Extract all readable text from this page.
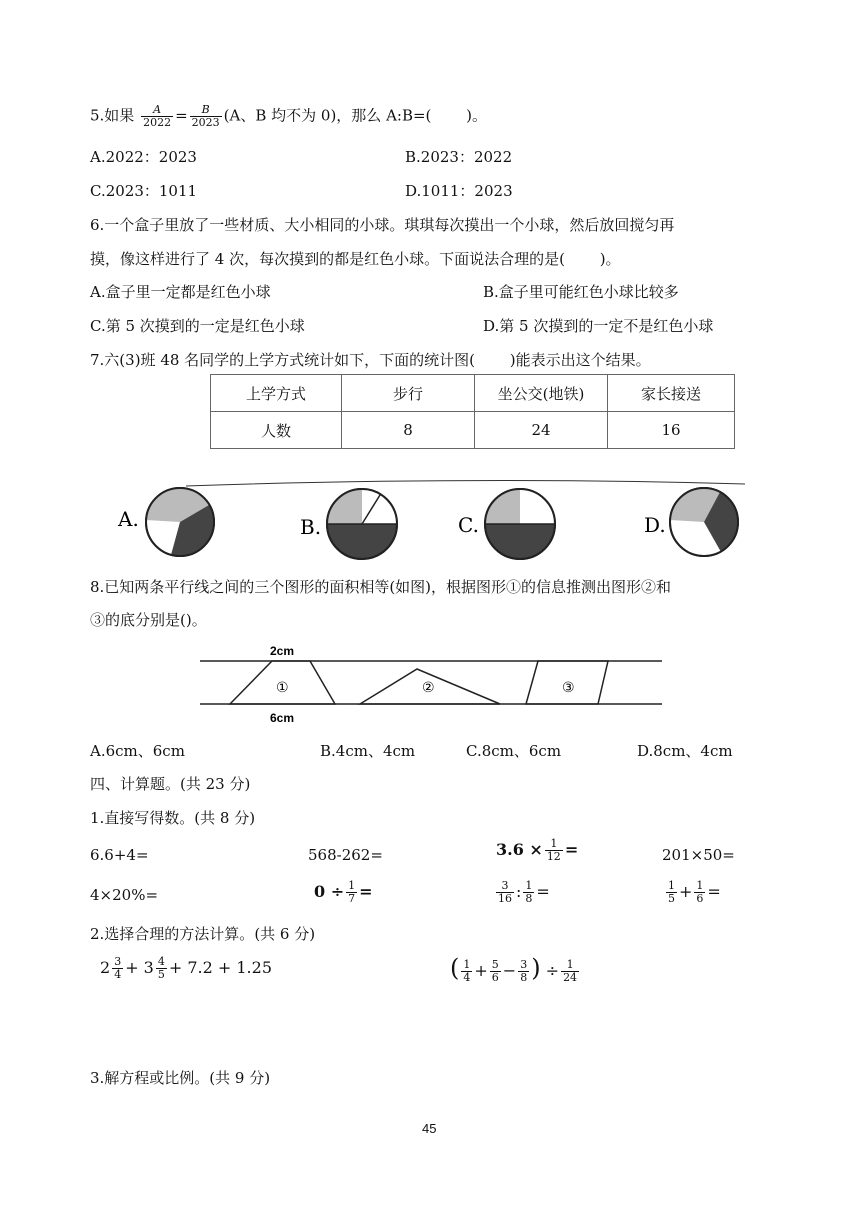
5.如果 $\frac{A}{2022} = \frac{B}{2023} (A$、B 均不为 0)，那么 A:B=(　　 )。
A.2022：2023	B.2023：2022
C.2023：1011	D.1011：2023
6.一个盒子里放了一些材质、大小相同的小球。琪琪每次摸出一个小球，然后放回搅匀再
摸，像这样进行了 4 次，每次摸到的都是红色小球。下面说法合理的是(　　 )。
A.盒子里一定都是红色小球	B.盒子里可能红色小球比较多
C.第 5 次摸到的一定是红色小球	D.第 5 次摸到的一定不是红色小球
7.六(3)班 48 名同学的上学方式统计如下，下面的统计图(　　 )能表示出这个结果。
上学方式	步行	坐公交(地铁)	家长接送
人数	8	24	16
A.	B.	C.	D.
8.已知两条平行线之间的三个图形的面积相等(如图)，根据图形①的信息推测出图形②和
③的底分别是()。
2cm
6cm
①	②	③
A.6cm、6cm	B.4cm、4cm	C.8cm、6cm	D.8cm、4cm
四、计算题。(共 23 分)
1.直接写得数。(共 8 分)
6.6+4=	568-262=	$3.6 \times \frac{1}{12}$ =	201×50=
4×20%=	$0 \div \frac{1}{7}$ =	$\frac{3}{16}$ : $\frac{1}{8}$ =	$\frac{1}{5} + \frac{1}{6}$ =
2.选择合理的方法计算。(共 6 分)
$2 \frac{3}{4} + 3 \frac{4}{5} + 7.2 + 1.25$	( $\frac{1}{4} + \frac{5}{6} - \frac{3}{8}$ ) ÷ $\frac{1}{24}$
3.解方程或比例。(共 9 分)
45
